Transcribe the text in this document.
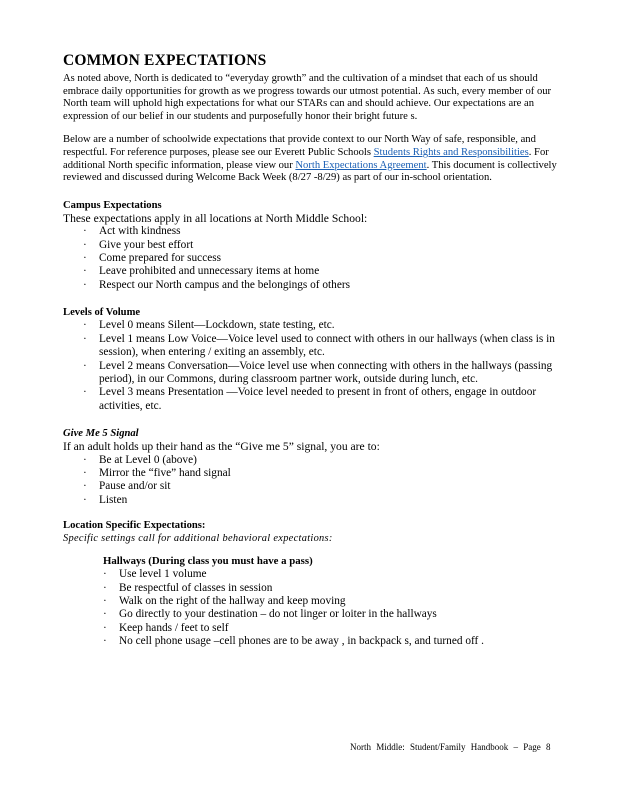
COMMON EXPECTATIONS

As noted above, North is dedicated to “everyday growth” and the cultivation of a mindset that each of us should embrace daily opportunities for growth as we progress towards our utmost potential. As such, every member of our North team will uphold high expectations for what our STARs can and should achieve. Our expectations are an expression of our belief in our students and purposefully honor their bright future s.

Below are a number of schoolwide expectations that provide context to our North Way of safe, responsible, and respectful. For reference purposes, please see our Everett Public Schools Students Rights and Responsibilities. For additional North specific information, please view our North Expectations Agreement. This document is collectively reviewed and discussed during Welcome Back Week (8/27 -8/29) as part of our in-school orientation.

Campus Expectations

These expectations apply in all locations at North Middle School:

· Act with kindness
· Give your best effort
· Come prepared for success
· Leave prohibited and unnecessary items at home
· Respect our North campus and the belongings of others
Levels of Volume
· Level 0 means Silent—Lockdown, state testing, etc.
· Level 1 means Low Voice—Voice level used to connect with others in our hallways (when class is in session), when entering / exiting an assembly, etc.
· Level 2 means Conversation—Voice level use when connecting with others in the hallways (passing period), in our Commons, during classroom partner work, outside during lunch, etc.
· Level 3 means Presentation —Voice level needed to present in front of others, engage in outdoor activities, etc.
Give Me 5 Signal

If an adult holds up their hand as the “Give me 5” signal, you are to:

· Be at Level 0 (above)
· Mirror the “five” hand signal
· Pause and/or sit
· Listen
Location Specific Expectations:

Specific settings call for additional behavioral expectations:

Hallways (During class you must have a pass)
· Use level 1 volume
· Be respectful of classes in session
· Walk on the right of the hallway and keep moving
· Go directly to your destination – do not linger or loiter in the hallways
· Keep hands / feet to self
· No cell phone usage –cell phones are to be away , in backpack s, and turned off .
North Middle: Student/Family Handbook – Page 8
